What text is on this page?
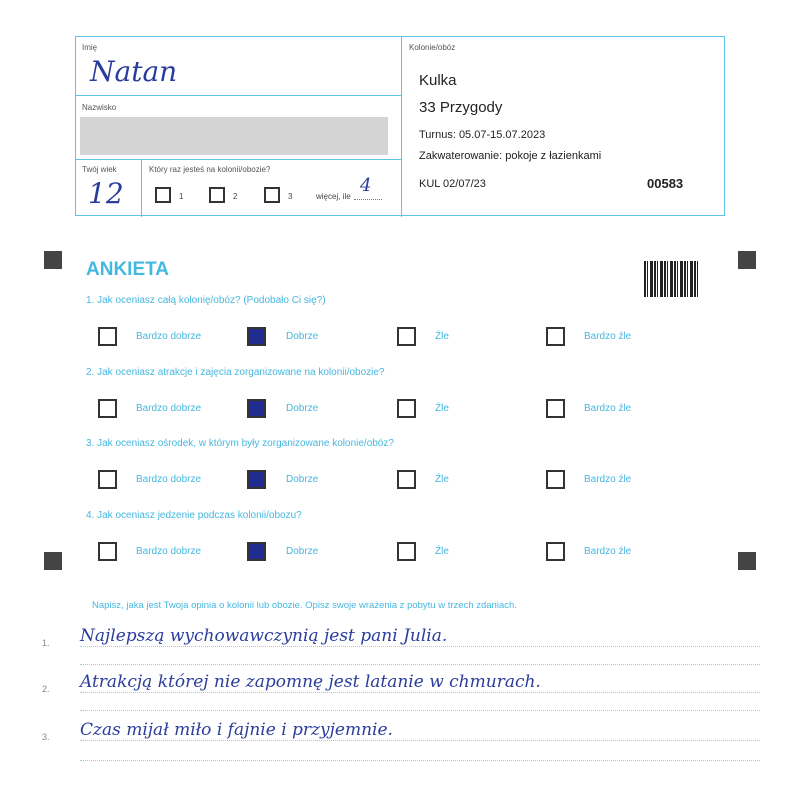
Imię
Natan
Nazwisko
Twój wiek
12
Który raz jesteś na kolonii/obozie?
1	2	3	więcej, ile
4
Kolonie/obóz
Kulka
33 Przygody
Turnus: 05.07-15.07.2023
Zakwaterowanie: pokoje z łazienkami
KUL 02/07/23	00583
ANKIETA
1. Jak oceniasz całą kolonię/obóz? (Podobało Ci się?)
Bardzo dobrze	Dobrze	Źle	Bardzo źle
2. Jak oceniasz atrakcje i zajęcia zorganizowane na kolonii/obozie?
Bardzo dobrze	Dobrze	Źle	Bardzo źle
3. Jak oceniasz ośrodek, w którym były zorganizowane kolonie/obóz?
Bardzo dobrze	Dobrze	Źle	Bardzo źle
4. Jak oceniasz jedzenie podczas kolonii/obozu?
Bardzo dobrze	Dobrze	Źle	Bardzo źle
Napisz, jaka jest Twoja opinia o kolonii lub obozie. Opisz swoje wrażenia z pobytu w trzech zdaniach.
1. Najlepszą wychowawczynią jest pani Julia.
2. Atrakcją której nie zapomnę jest latanie w chmurach.
3. Czas mijał miło i fajnie i przyjemnie.
